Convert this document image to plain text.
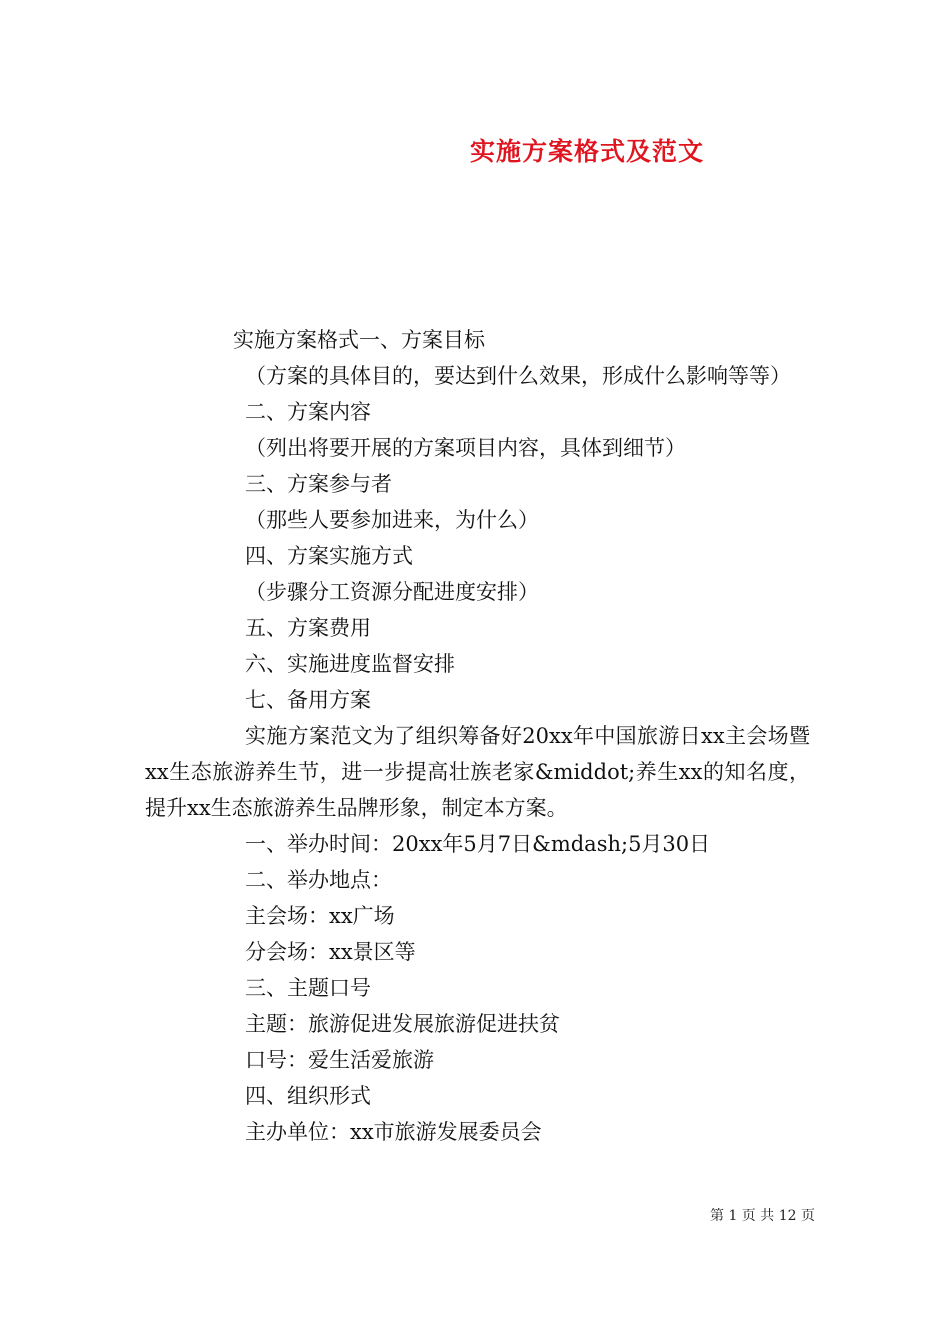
实施方案格式及范文

实施方案格式一、方案目标

（方案的具体目的，要达到什么效果，形成什么影响等等）

二、方案内容

（列出将要开展的方案项目内容，具体到细节）

三、方案参与者

（那些人要参加进来，为什么）

四、方案实施方式

（步骤分工资源分配进度安排）

五、方案费用

六、实施进度监督安排

七、备用方案

实施方案范文为了组织筹备好20xx年中国旅游日xx主会场暨xx生态旅游养生节，进一步提高壮族老家&middot;养生xx的知名度，提升xx生态旅游养生品牌形象，制定本方案。

一、举办时间：20xx年5月7日&mdash;5月30日

二、举办地点：

主会场：xx广场

分会场：xx景区等

三、主题口号

主题：旅游促进发展旅游促进扶贫

口号：爱生活爱旅游

四、组织形式

主办单位：xx市旅游发展委员会

第 1 页 共 12 页
